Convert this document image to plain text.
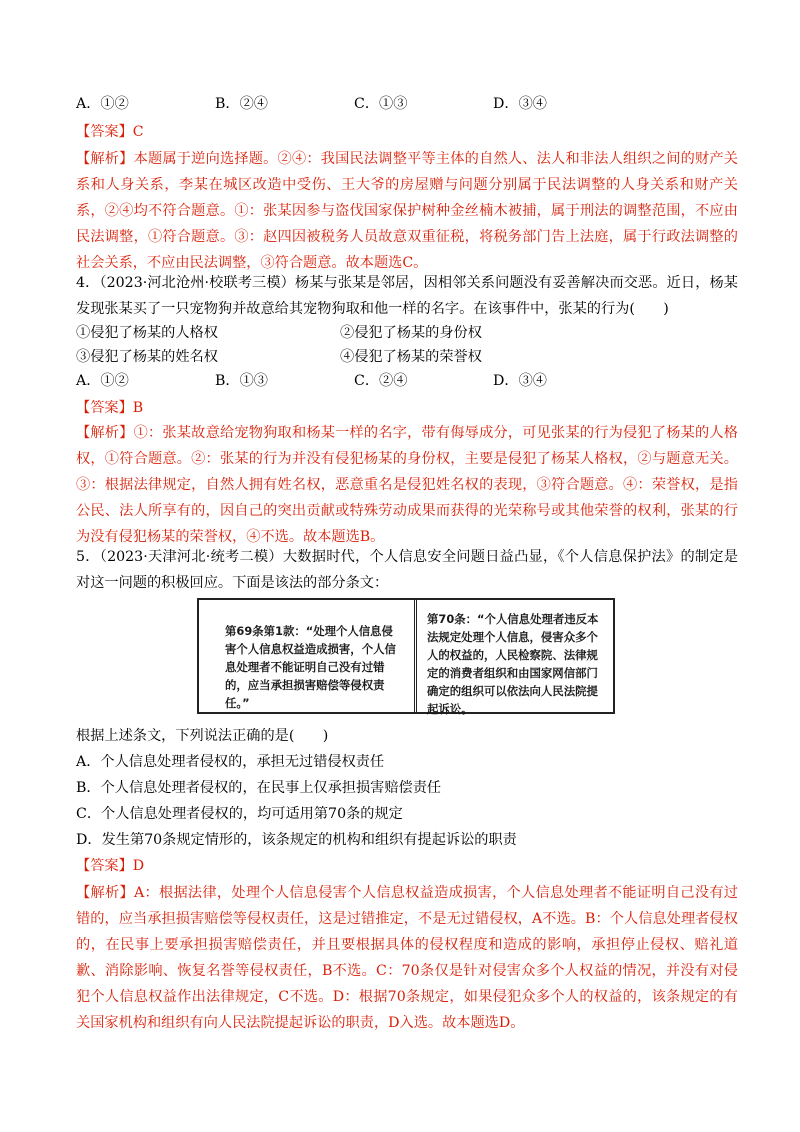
A．①②	B．②④	C．①③	D．③④
【答案】C
【解析】本题属于逆向选择题。②④：我国民法调整平等主体的自然人、法人和非法人组织之间的财产关系和人身关系，李某在城区改造中受伤、王大爷的房屋赠与问题分别属于民法调整的人身关系和财产关系，②④均不符合题意。①：张某因参与盗伐国家保护树种金丝楠木被捕，属于刑法的调整范围，不应由民法调整，①符合题意。③：赵四因被税务人员故意双重征税，将税务部门告上法庭，属于行政法调整的社会关系，不应由民法调整，③符合题意。故本题选C。
4．（2023·河北沧州·校联考三模）杨某与张某是邻居，因相邻关系问题没有妥善解决而交恶。近日，杨某发现张某买了一只宠物狗并故意给其宠物狗取和他一样的名字。在该事件中，张某的行为(　　)
①侵犯了杨某的人格权	②侵犯了杨某的身份权
③侵犯了杨某的姓名权	④侵犯了杨某的荣誉权
A．①②	B．①③	C．②④	D．③④
【答案】B
【解析】①：张某故意给宠物狗取和杨某一样的名字，带有侮辱成分，可见张某的行为侵犯了杨某的人格权，①符合题意。②：张某的行为并没有侵犯杨某的身份权，主要是侵犯了杨某人格权，②与题意无关。③：根据法律规定，自然人拥有姓名权，恶意重名是侵犯姓名权的表现，③符合题意。④：荣誉权，是指公民、法人所享有的，因自己的突出贡献或特殊劳动成果而获得的光荣称号或其他荣誉的权利，张某的行为没有侵犯杨某的荣誉权，④不选。故本题选B。
5．（2023·天津河北·统考二模）大数据时代，个人信息安全问题日益凸显，《个人信息保护法》的制定是对这一问题的积极回应。下面是该法的部分条文：
第69条第1款：“处理个人信息侵害个人信息权益造成损害，个人信息处理者不能证明自己没有过错的，应当承担损害赔偿等侵权责任。”
第70条：“个人信息处理者违反本法规定处理个人信息，侵害众多个人的权益的，人民检察院、法律规定的消费者组织和由国家网信部门确定的组织可以依法向人民法院提起诉讼。
根据上述条文，下列说法正确的是(　　)
A．个人信息处理者侵权的，承担无过错侵权责任
B．个人信息处理者侵权的，在民事上仅承担损害赔偿责任
C．个人信息处理者侵权的，均可适用第70条的规定
D．发生第70条规定情形的，该条规定的机构和组织有提起诉讼的职责
【答案】D
【解析】A：根据法律，处理个人信息侵害个人信息权益造成损害，个人信息处理者不能证明自己没有过错的，应当承担损害赔偿等侵权责任，这是过错推定，不是无过错侵权，A不选。B：个人信息处理者侵权的，在民事上要承担损害赔偿责任，并且要根据具体的侵权程度和造成的影响，承担停止侵权、赔礼道歉、消除影响、恢复名誉等侵权责任，B不选。C：70条仅是针对侵害众多个人权益的情况，并没有对侵犯个人信息权益作出法律规定，C不选。D：根据70条规定，如果侵犯众多个人的权益的，该条规定的有关国家机构和组织有向人民法院提起诉讼的职责，D入选。故本题选D。
